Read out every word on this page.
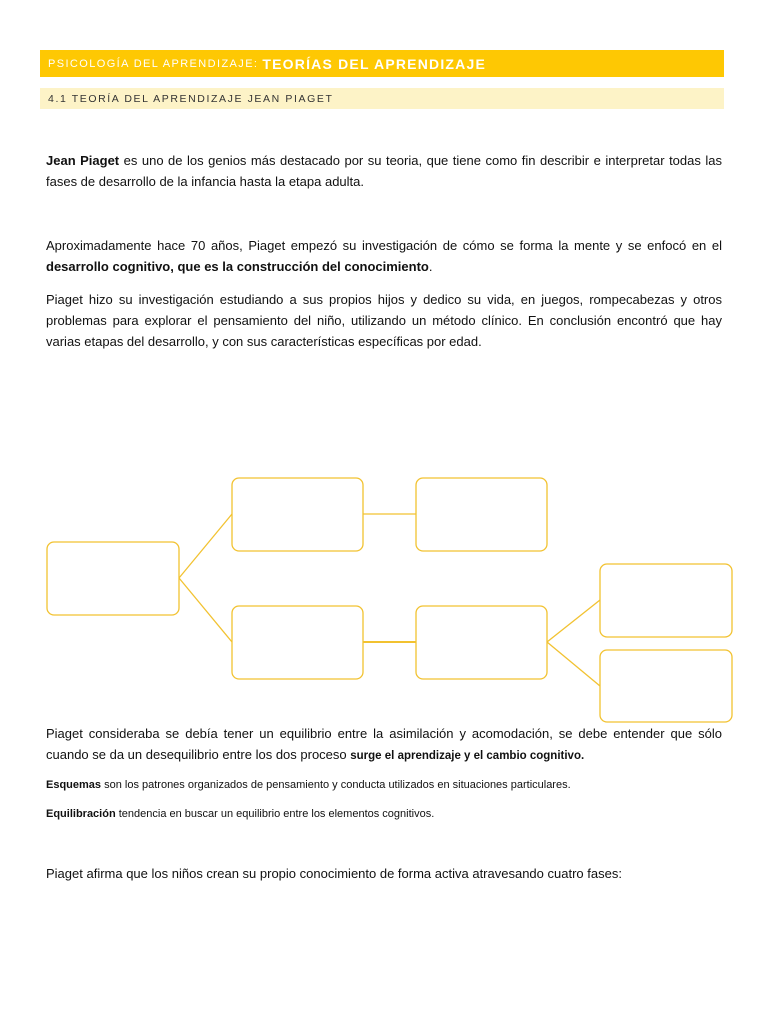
PSICOLOGÍA DEL APRENDIZAJE: TEORÍAS DEL APRENDIZAJE
4.1 TEORÍA DEL APRENDIZAJE JEAN PIAGET
Jean Piaget es uno de los genios más destacado por su teoria, que tiene como fin describir e interpretar todas las fases de desarrollo de la infancia hasta la etapa adulta.
Aproximadamente hace 70 años, Piaget empezó su investigación de cómo se forma la mente y se enfocó en el desarrollo cognitivo, que es la construcción del conocimiento.
Piaget hizo su investigación estudiando a sus propios hijos y dedico su vida, en juegos, rompecabezas y otros problemas para explorar el pensamiento del niño, utilizando un método clínico. En conclusión encontró que hay varias etapas del desarrollo, y con sus características específicas por edad.
Piaget consideraba se debía tener un equilibrio entre la asimilación y acomodación, se debe entender que sólo cuando se da un desequilibrio entre los dos proceso surge el aprendizaje y el cambio cognitivo.
Esquemas son los patrones organizados de pensamiento y conducta utilizados en situaciones particulares.
Equilibración tendencia en buscar un equilibrio entre los elementos cognitivos.
Piaget afirma que los niños crean su propio conocimiento de forma activa atravesando cuatro fases:
